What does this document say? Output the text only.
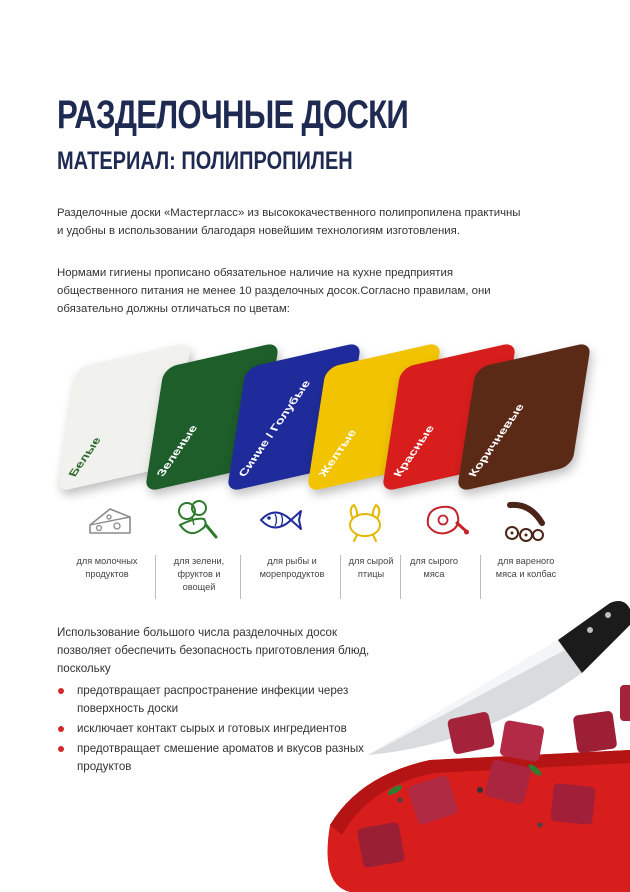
РАЗДЕЛОЧНЫЕ ДОСКИ
МАТЕРИАЛ: ПОЛИПРОПИЛЕН

Разделочные доски «Мастергласс» из высококачественного полипропилена практичны и удобны в использовании благодаря новейшим технологиям изготовления.

Нормами гигиены прописано обязательное наличие на кухне предприятия общественного питания не менее 10 разделочных досок.Согласно правилам, они обязательно должны отличаться по цветам:

Белые	Зеленые	Синие / Голубые Желтые	Красные Коричневые
для молочных продуктов
для зелени, фруктов и овощей
для рыбы и морепродуктов
для сырой птицы
для сырого мяса
для вареного мяса и колбас

Использование большого числа разделочных досок позволяет обеспечить безопасность приготовления блюд, поскольку

предотвращает распространение инфекции через поверхность доски
исключает контакт сырых и готовых ингредиентов
предотвращает смешение ароматов и вкусов разных продуктов
